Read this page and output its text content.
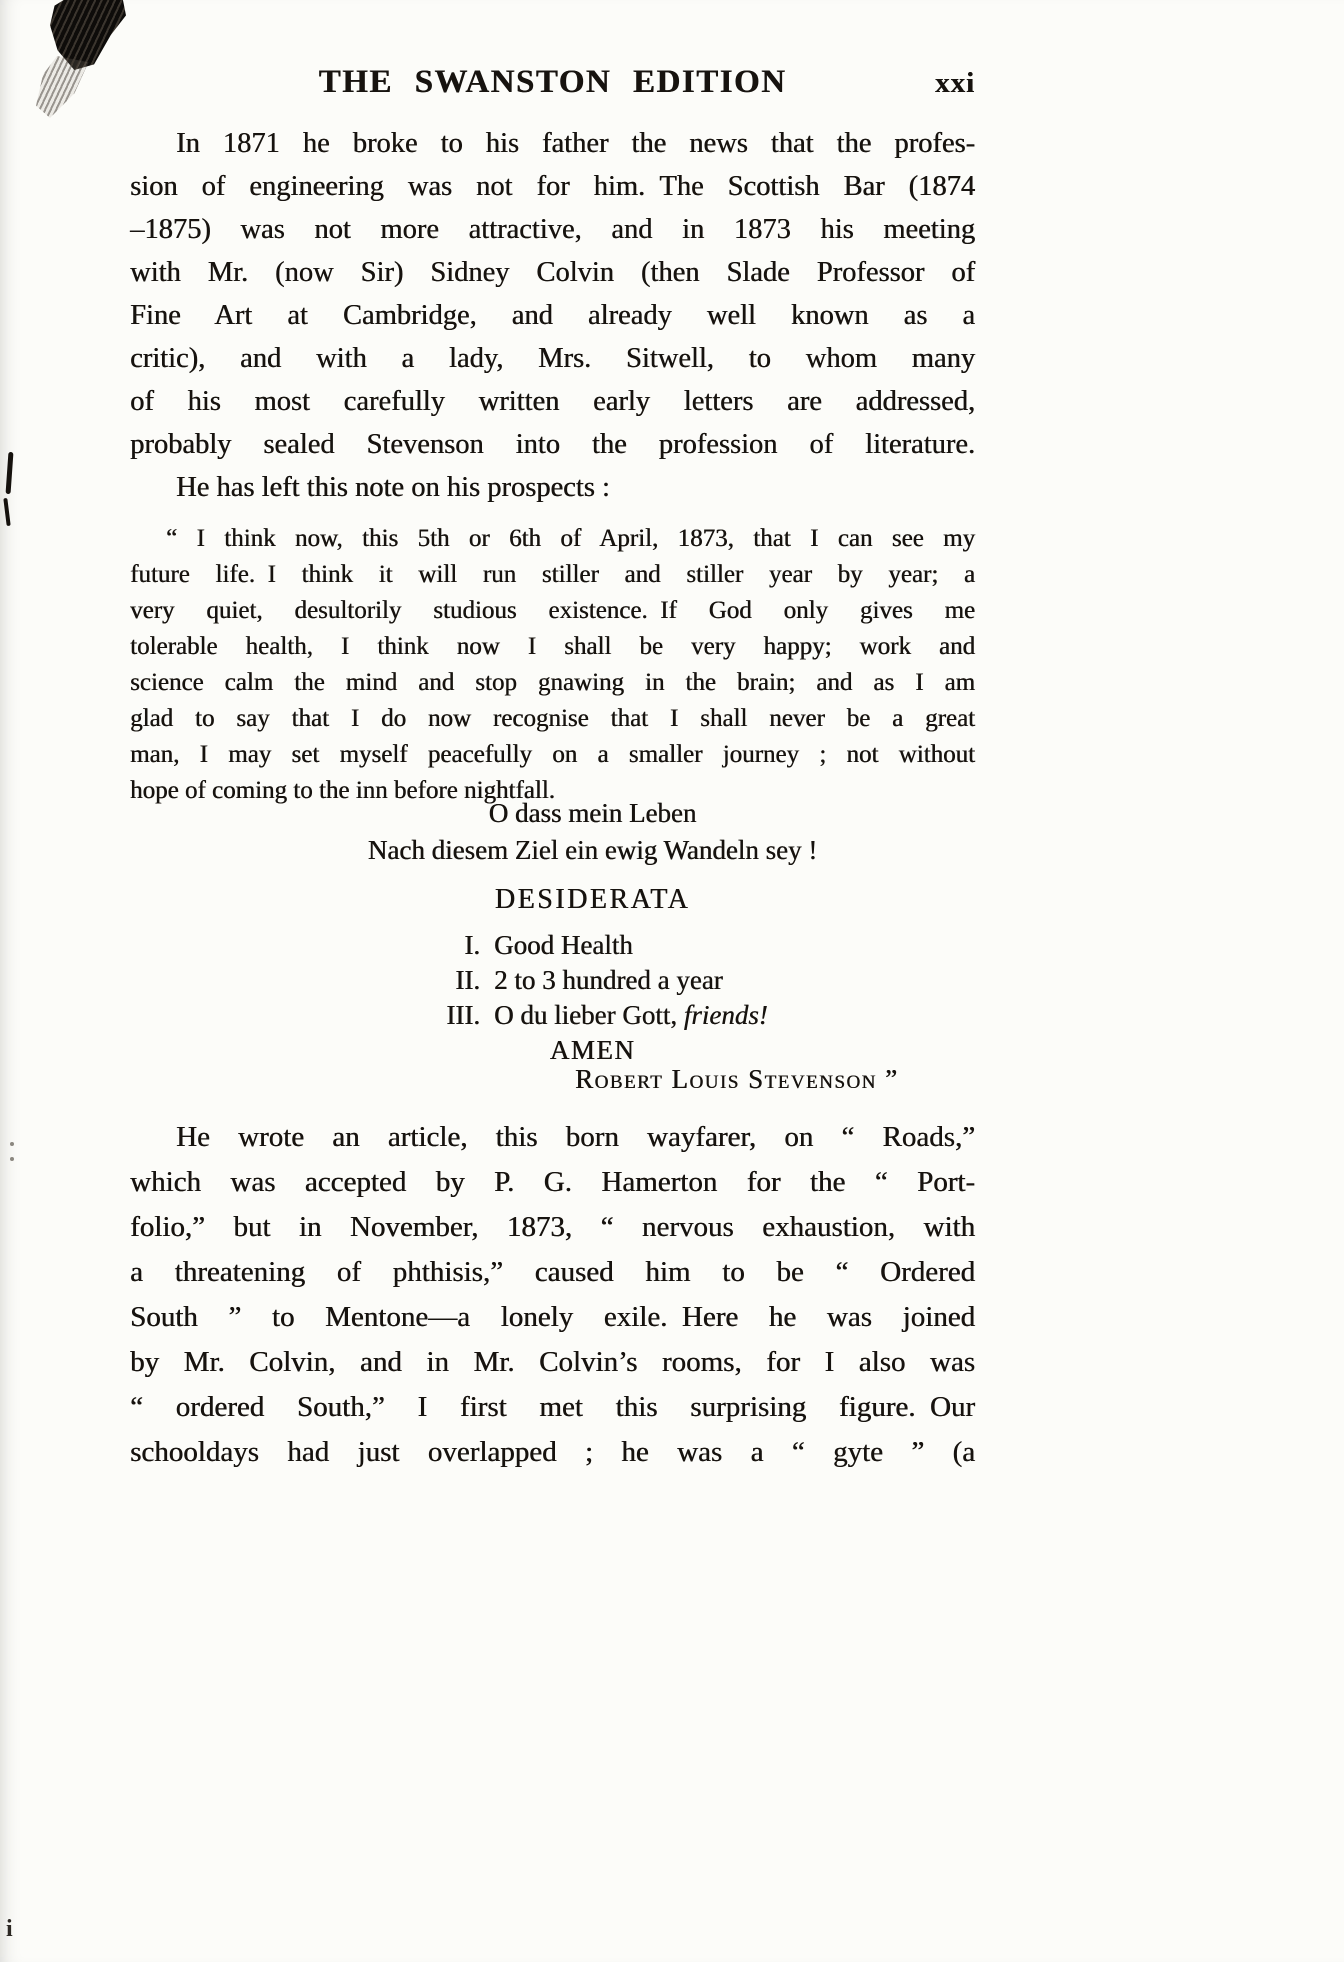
i
THE SWANSTON EDITION	xxi
In 1871 he broke to his father the news that the profes-
sion of engineering was not for him. The Scottish Bar (1874
–1875) was not more attractive, and in 1873 his meeting
with Mr. (now Sir) Sidney Colvin (then Slade Professor of
Fine Art at Cambridge, and already well known as a
critic), and with a lady, Mrs. Sitwell, to whom many
of his most carefully written early letters are addressed,
probably sealed Stevenson into the profession of literature.
He has left this note on his prospects :
“ I think now, this 5th or 6th of April, 1873, that I can see my
future life. I think it will run stiller and stiller year by year; a
very quiet, desultorily studious existence. If God only gives me
tolerable health, I think now I shall be very happy; work and
science calm the mind and stop gnawing in the brain; and as I am
glad to say that I do now recognise that I shall never be a great
man, I may set myself peacefully on a smaller journey ; not without
hope of coming to the inn before nightfall.
O dass mein Leben
Nach diesem Ziel ein ewig Wandeln sey !
DESIDERATA
I. Good Health
II. 2 to 3 hundred a year
III. O du lieber Gott, friends!
AMEN
Robert Louis Stevenson ”
He wrote an article, this born wayfarer, on “ Roads,”
which was accepted by P. G. Hamerton for the “ Port-
folio,” but in November, 1873, “ nervous exhaustion, with
a threatening of phthisis,” caused him to be “ Ordered
South ” to Mentone—a lonely exile. Here he was joined
by Mr. Colvin, and in Mr. Colvin’s rooms, for I also was
“ ordered South,” I first met this surprising figure. Our
schooldays had just overlapped ; he was a “ gyte ” (a
